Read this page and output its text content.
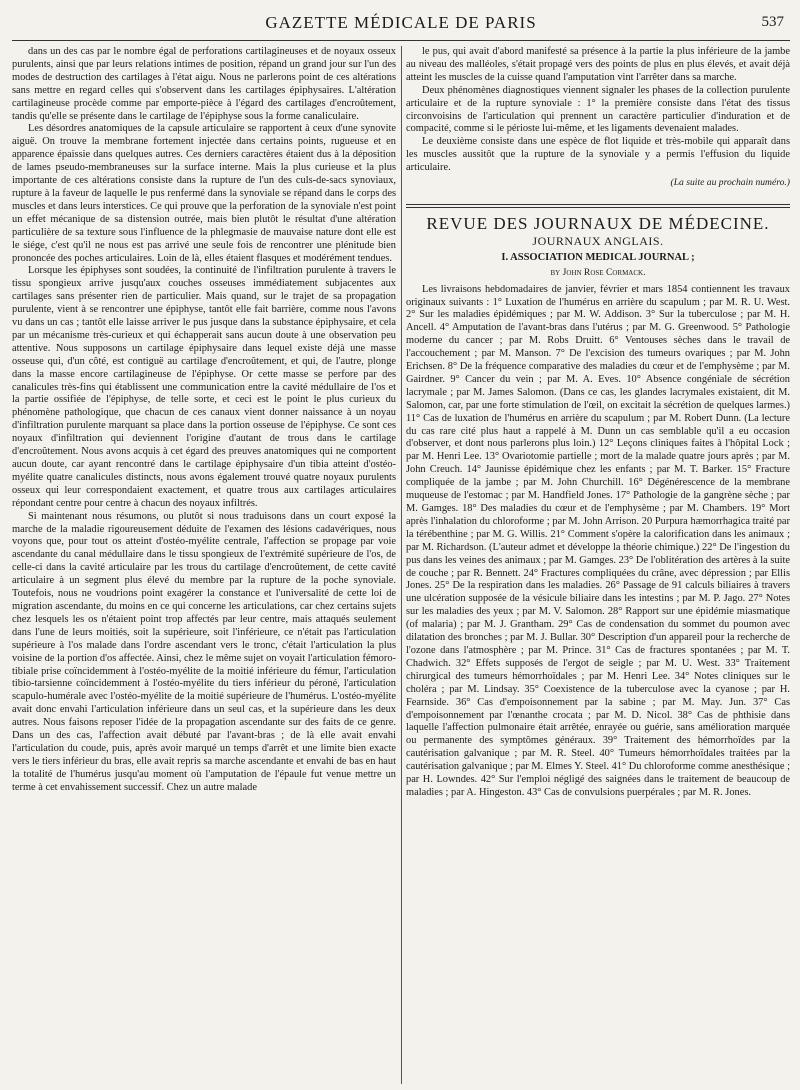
GAZETTE MÉDICALE DE PARIS	537

dans un des cas par le nombre égal de perforations cartilagineuses et de noyaux osseux purulents, ainsi que par leurs relations intimes de position, répand un grand jour sur l'un des modes de destruction des cartilages à l'état aigu. Nous ne parlerons point de ces altérations sans mettre en regard celles qui s'observent dans les cartilages épiphysaires. L'altération cartilagineuse procède comme par emporte-pièce à l'égard des cartilages d'encroûtement, tandis qu'elle se présente dans le cartilage de l'épiphyse sous la forme canaliculaire.

Les désordres anatomiques de la capsule articulaire se rapportent à ceux d'une synovite aiguë. On trouve la membrane fortement injectée dans certains points, rugueuse et en apparence épaissie dans quelques autres. Ces derniers caractères étaient dus à la déposition de lames pseudo-membraneuses sur la surface interne. Mais la plus curieuse et la plus importante de ces altérations consiste dans la rupture de l'un des culs-de-sacs synoviaux, rupture à la faveur de laquelle le pus renfermé dans la synoviale se répand dans le corps des muscles et dans leurs interstices. Ce qui prouve que la perforation de la synoviale n'est point un effet mécanique de sa distension outrée, mais bien plutôt le résultat d'une altération particulière de sa texture sous l'influence de la phlegmasie de mauvaise nature dont elle est le siége, c'est qu'il ne nous est pas arrivé une seule fois de rencontrer une plénitude bien prononcée des poches articulaires. Loin de là, elles étaient flasques et modérément tendues.

Lorsque les épiphyses sont soudées, la continuité de l'infiltration purulente à travers le tissu spongieux arrive jusqu'aux couches osseuses immédiatement subjacentes aux cartilages sans présenter rien de particulier. Mais quand, sur le trajet de sa propagation purulente, vient à se rencontrer une épiphyse, tantôt elle fait barrière, comme nous l'avons vu dans un cas ; tantôt elle laisse arriver le pus jusque dans la substance épiphysaire, et cela par un mécanisme très-curieux et qui échapperait sans aucun doute à une observation peu attentive. Nous supposons un cartilage épiphysaire dans lequel existe déjà une masse osseuse qui, d'un côté, est contiguë au cartilage d'encroûtement, et qui, de l'autre, plonge dans la masse encore cartilagineuse de l'épiphyse. Or cette masse se perfore par des canalicules très-fins qui établissent une communication entre la cavité médullaire de l'os et la partie ossifiée de l'épiphyse, de telle sorte, et ceci est le point le plus curieux du phénomène pathologique, que chacun de ces canaux vient donner naissance à un noyau d'infiltration purulente marquant sa place dans la portion osseuse de l'épiphyse. Ce sont ces noyaux d'infiltration qui deviennent l'origine d'autant de trous dans le cartilage d'encroûtement. Nous avons acquis à cet égard des preuves anatomiques qui ne comportent aucun doute, car ayant rencontré dans le cartilage épiphysaire d'un tibia atteint d'ostéo-myélite quatre canalicules distincts, nous avons également trouvé quatre noyaux purulents osseux qui leur correspondaient exactement, et quatre trous aux cartilages articulaires répondant centre pour centre à chacun des noyaux infiltrés.

Si maintenant nous résumons, ou plutôt si nous traduisons dans un court exposé la marche de la maladie rigoureusement déduite de l'examen des lésions cadavériques, nous voyons que, pour tout os atteint d'ostéo-myélite centrale, l'affection se propage par voie ascendante du canal médullaire dans le tissu spongieux de l'extrémité supérieure de l'os, de celle-ci dans la cavité articulaire par les trous du cartilage d'encroûtement, de cette cavité articulaire à un segment plus élevé du membre par la rupture de la poche synoviale. Toutefois, nous ne voudrions point exagérer la constance et l'universalité de cette loi de migration ascendante, du moins en ce qui concerne les articulations, car chez certains sujets chez lesquels les os n'étaient point trop affectés par leur centre, mais attaqués seulement dans l'une de leurs moitiés, soit la supérieure, soit l'inférieure, ce n'était pas l'articulation supérieure à l'os malade dans l'ordre ascendant vers le tronc, c'était l'articulation la plus voisine de la portion d'os affectée. Ainsi, chez le même sujet on voyait l'articulation fémoro-tibiale prise coïncidemment à l'ostéo-myélite de la moitié inférieure du fémur, l'articulation tibio-tarsienne coïncidemment à l'ostéo-myélite du tiers inférieur du péroné, l'articulation scapulo-humérale avec l'ostéo-myélite de la moitié supérieure de l'humérus. L'ostéo-myélite avait donc envahi l'articulation inférieure dans un seul cas, et la supérieure dans les deux autres. Nous faisons reposer l'idée de la propagation ascendante sur des faits de ce genre. Dans un des cas, l'affection avait débuté par l'avant-bras ; de là elle avait envahi l'articulation du coude, puis, après avoir marqué un temps d'arrêt et une limite bien exacte vers le tiers inférieur du bras, elle avait repris sa marche ascendante et envahi de bas en haut la totalité de l'humérus jusqu'au moment où l'amputation de l'épaule fut venue mettre un terme à cet envahissement successif. Chez un autre malade

le pus, qui avait d'abord manifesté sa présence à la partie la plus inférieure de la jambe au niveau des malléoles, s'était propagé vers des points de plus en plus élevés, et avait déjà atteint les muscles de la cuisse quand l'amputation vint l'arrêter dans sa marche.

Deux phénomènes diagnostiques viennent signaler les phases de la collection purulente articulaire et de la rupture synoviale : 1° la première consiste dans l'état des tissus circonvoisins de l'articulation qui prennent un caractère particulier d'induration et de compacité, comme si le périoste lui-même, et les ligaments devenaient malades.

Le deuxième consiste dans une espèce de flot liquide et très-mobile qui apparaît dans les muscles aussitôt que la rupture de la synoviale y a permis l'effusion du liquide articulaire.

(La suite au prochain numéro.)
REVUE DES JOURNAUX DE MÉDECINE.
JOURNAUX ANGLAIS.
I. ASSOCIATION MEDICAL JOURNAL ;
by John Rose Cormack.

Les livraisons hebdomadaires de janvier, février et mars 1854 contiennent les travaux originaux suivants : 1° Luxation de l'humérus en arrière du scapulum ; par M. R. U. West. 2° Sur les maladies épidémiques ; par M. W. Addison. 3° Sur la tuberculose ; par M. H. Ancell. 4° Amputation de l'avant-bras dans l'utérus ; par M. G. Greenwood. 5° Pathologie moderne du cancer ; par M. Robs Druitt. 6° Ventouses sèches dans le travail de l'accouchement ; par M. Manson. 7° De l'excision des tumeurs ovariques ; par M. John Erichsen. 8° De la fréquence comparative des maladies du cœur et de l'emphysème ; par M. Gairdner. 9° Cancer du vein ; par M. A. Eves. 10° Absence congéniale de sécrétion lacrymale ; par M. James Salomon. (Dans ce cas, les glandes lacrymales existaient, dit M. Salomon, car, par une forte stimulation de l'œil, on excitait la sécrétion de quelques larmes.) 11° Cas de luxation de l'humérus en arrière du scapulum ; par M. Robert Dunn. (La lecture du cas rare cité plus haut a rappelé à M. Dunn un cas semblable qu'il a eu occasion d'observer, et dont nous parlerons plus loin.) 12° Leçons cliniques faites à l'hôpital Lock ; par M. Henri Lee. 13° Ovariotomie partielle ; mort de la malade quatre jours après ; par M. John Creuch. 14° Jaunisse épidémique chez les enfants ; par M. T. Barker. 15° Fracture compliquée de la jambe ; par M. John Churchill. 16° Dégénérescence de la membrane muqueuse de l'estomac ; par M. Handfield Jones. 17° Pathologie de la gangrène sèche ; par M. Gamges. 18° Des maladies du cœur et de l'emphysème ; par M. Chambers. 19° Mort après l'inhalation du chloroforme ; par M. John Arrison. 20 Purpura hæmorrhagica traité par la térébenthine ; par M. G. Willis. 21° Comment s'opère la calorification dans les animaux ; par M. Richardson. (L'auteur admet et développe la théorie chimique.) 22° De l'ingestion du pus dans les veines des animaux ; par M. Gamges. 23° De l'oblitération des artères à la suite de couche ; par R. Bennett. 24° Fractures compliquées du crâne, avec dépression ; par Ellis Jones. 25° De la respiration dans les maladies. 26° Passage de 91 calculs biliaires à travers une ulcération supposée de la vésicule biliaire dans les intestins ; par M. P. Jago. 27° Notes sur les maladies des yeux ; par M. V. Salomon. 28° Rapport sur une épidémie miasmatique (of malaria) ; par M. J. Grantham. 29° Cas de condensation du sommet du poumon avec dilatation des bronches ; par M. J. Bullar. 30° Description d'un appareil pour la recherche de l'ozone dans l'atmosphère ; par M. Prince. 31° Cas de fractures spontanées ; par M. T. Chadwich. 32° Effets supposés de l'ergot de seigle ; par M. U. West. 33° Traitement chirurgical des tumeurs hémorrhoïdales ; par M. Henri Lee. 34° Notes cliniques sur le choléra ; par M. Lindsay. 35° Coexistence de la tuberculose avec la cyanose ; par H. Fearnside. 36° Cas d'empoisonnement par la sabine ; par M. May. Jun. 37° Cas d'empoisonnement par l'œnanthe crocata ; par M. D. Nicol. 38° Cas de phthisie dans laquelle l'affection pulmonaire était arrêtée, enrayée ou guérie, sans amélioration marquée ou permanente des symptômes généraux. 39° Traitement des hémorrhoïdes par la cautérisation galvanique ; par M. R. Steel. 40° Tumeurs hémorrhoïdales traitées par la cautérisation galvanique ; par M. Elmes Y. Steel. 41° Du chloroforme comme anesthésique ; par H. Lowndes. 42° Sur l'emploi négligé des saignées dans le traitement de beaucoup de maladies ; par A. Hingeston. 43° Cas de convulsions puerpérales ; par M. R. Jones.
